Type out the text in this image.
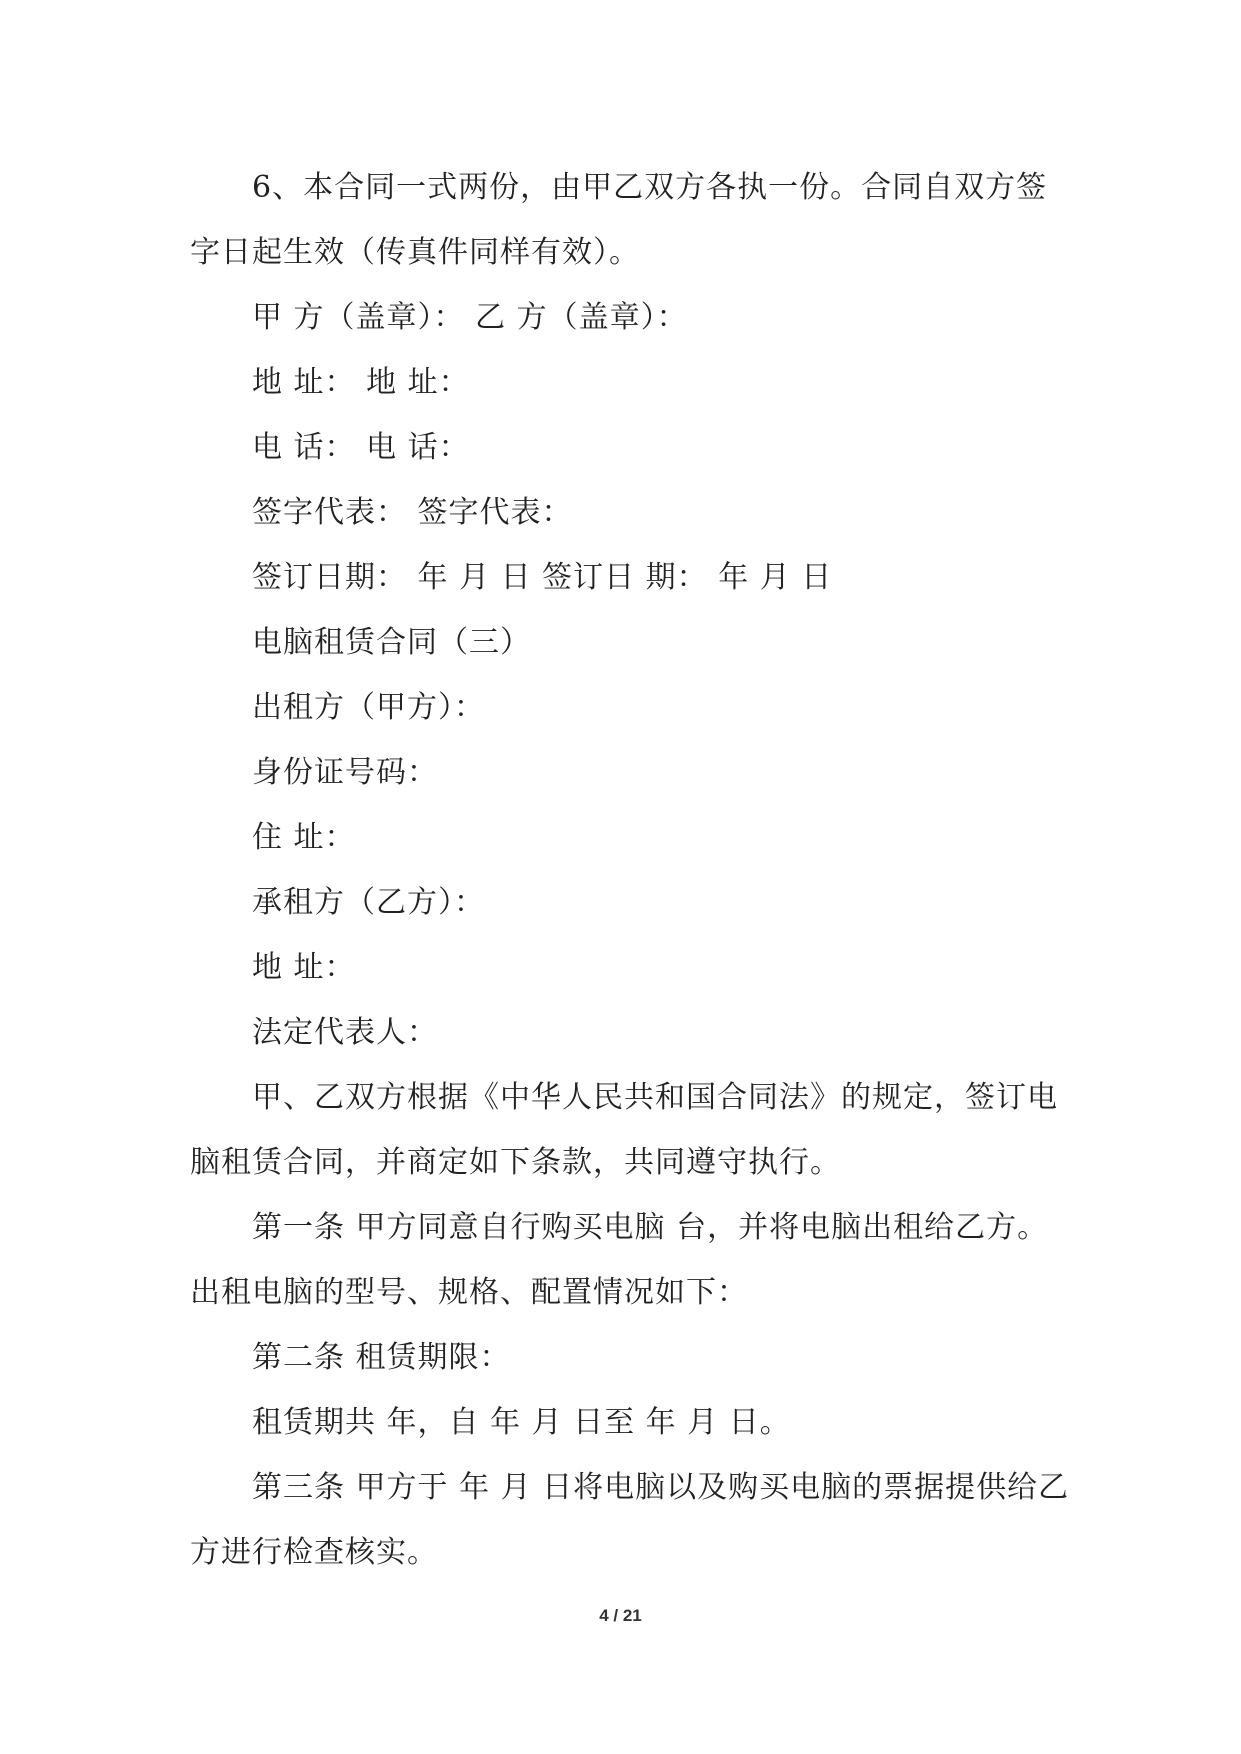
6、本合同一式两份，由甲乙双方各执一份。合同自双方签字日起生效（传真件同样有效）。

甲 方（盖章）： 乙 方（盖章）：

地 址： 地 址：

电 话： 电 话：

签字代表： 签字代表：

签订日期： 年 月 日 签订日 期： 年 月 日

电脑租赁合同（三）

出租方（甲方）：

身份证号码：

住 址：

承租方（乙方）：

地 址：

法定代表人：

甲、乙双方根据《中华人民共和国合同法》的规定，签订电脑租赁合同，并商定如下条款，共同遵守执行。

第一条 甲方同意自行购买电脑 台，并将电脑出租给乙方。出租电脑的型号、规格、配置情况如下：

第二条 租赁期限：

租赁期共 年，自 年 月 日至 年 月 日。

第三条 甲方于 年 月 日将电脑以及购买电脑的票据提供给乙方进行检查核实。

4 / 21
